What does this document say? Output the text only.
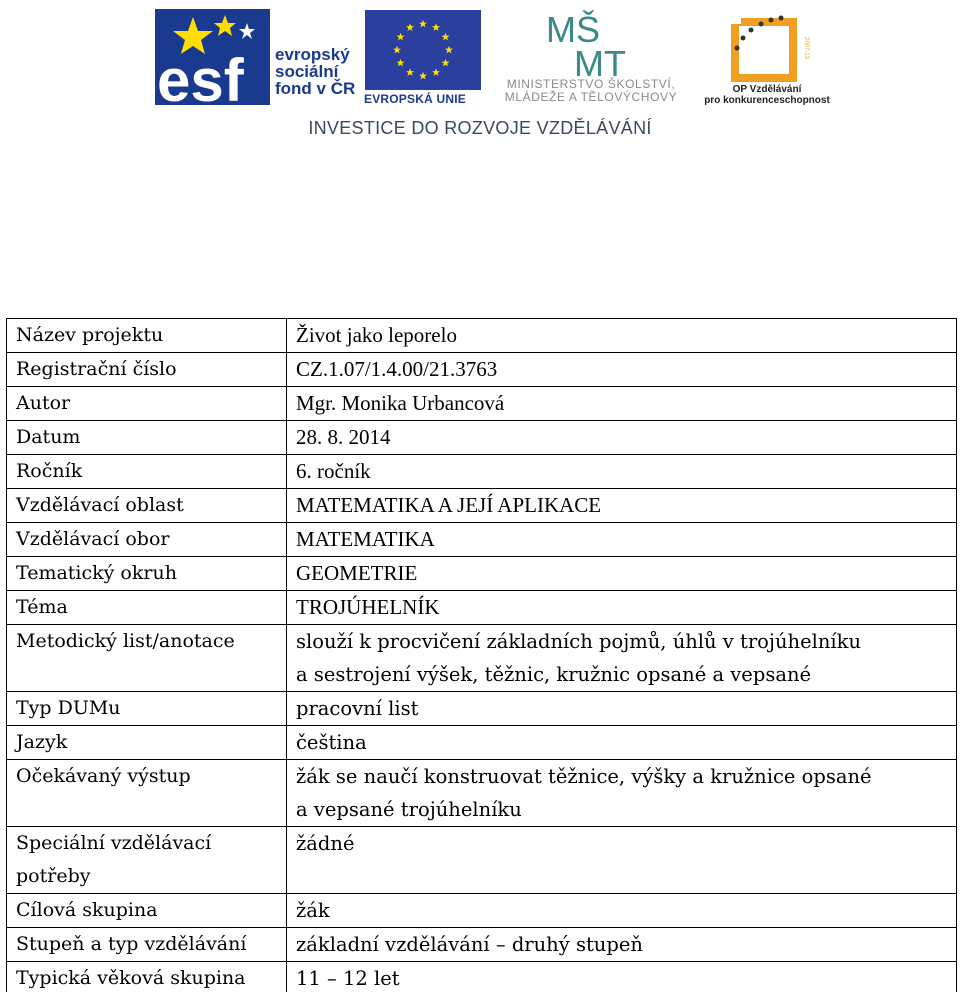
esf evropský
sociální
fond v ČR
EVROPSKÁ UNIE
MŠ
MT
MINISTERSTVO ŠKOLSTVÍ,
MLÁDEŽE A TĚLOVÝCHOVY
2007-13
OP Vzdělávání
pro konkurenceschopnost
INVESTICE DO ROZVOJE VZDĚLÁVÁNÍ
Název projektu	Život jako leporelo

Registrační číslo	CZ.1.07/1.4.00/21.3763

Autor	Mgr. Monika Urbancová

Datum	28. 8. 2014

Ročník	6. ročník

Vzdělávací oblast	MATEMATIKA A JEJÍ APLIKACE

Vzdělávací obor	MATEMATIKA

Tematický okruh	GEOMETRIE

Téma	TROJÚHELNÍK

Metodický list/anotace	slouží k procvičení základních pojmů, úhlů v trojúhelníku
a sestrojení výšek, těžnic, kružnic opsané a vepsané

Typ DUMu	pracovní list

Jazyk	čeština

Očekávaný výstup	žák se naučí konstruovat těžnice, výšky a kružnice opsané
a vepsané trojúhelníku

Speciální vzdělávací potřeby	žádné

Cílová skupina	žák

Stupeň a typ vzdělávání	základní vzdělávání – druhý stupeň

Typická věková skupina	11 – 12 let
